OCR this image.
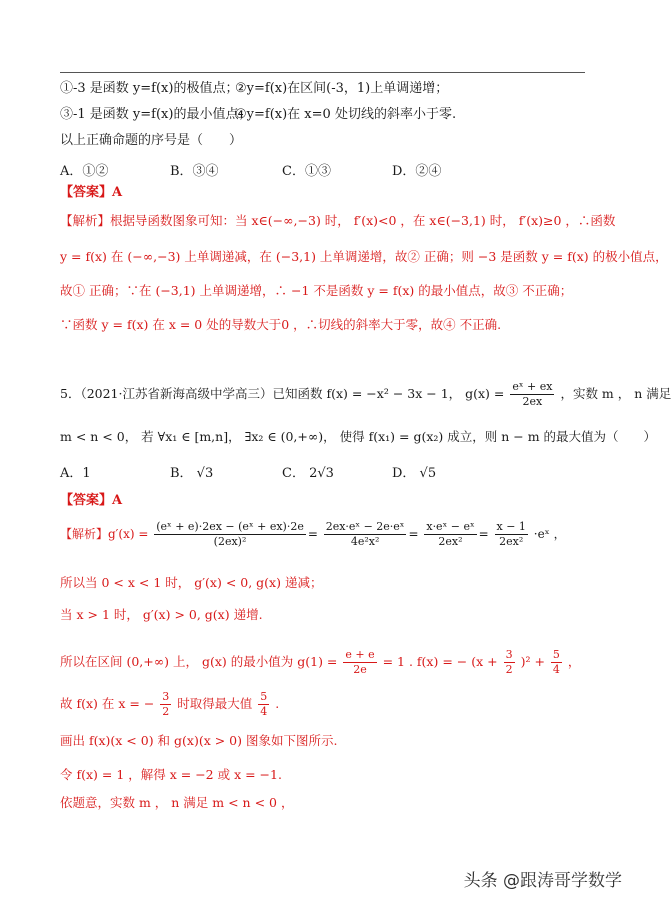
①-3 是函数 y=f(x)的极值点；
②y=f(x)在区间(-3，1)上单调递增；
③-1 是函数 y=f(x)的最小值点；
④y=f(x)在 x=0 处切线的斜率小于零.
以上正确命题的序号是（　　）
A．①②	B．③④	C．①③	D．②④
【答案】A
【解析】根据导函数图象可知：当 x∈(−∞,−3) 时， f′(x)<0 ，在 x∈(−3,1) 时， f′(x)≥0 ，∴函数
y = f(x) 在 (−∞,−3) 上单调递减，在 (−3,1) 上单调递增，故② 正确；则 −3 是函数 y = f(x) 的极小值点，
故① 正确；∵在 (−3,1) 上单调递增，∴ −1 不是函数 y = f(x) 的最小值点，故③ 不正确；
∵函数 y = f(x) 在 x = 0 处的导数大于0 ，∴切线的斜率大于零，故④ 不正确.
5．（2021·江苏省新海高级中学高三）已知函数 f(x) = −x² − 3x − 1， $g(x) = \frac{\text{eˣ + ex}}{2ex}$ ，实数 m ， n 满足
m < n < 0， 若 ∀x₁ ∈ [m,n]， ∃x₂ ∈ (0,+∞)， 使得 f(x₁) = g(x₂) 成立，则 n − m 的最大值为（　　）
A．1	B． √3	C． 2√3	D． √5
【答案】A
【解析】$g'(x) = \frac{\text{(eˣ + e)·2ex − (eˣ + ex)·2e}}{\text{(2ex)²}} = \frac{\text{2ex·eˣ − 2e·eˣ}}{\text{4e²x²}} = \frac{\text{x·eˣ − eˣ}}{\text{2ex²}} = \frac{x - 1}{\text{2ex²}}$ ·eˣ ，
所以当 0 < x < 1 时， g′(x) < 0, g(x) 递减；
当 x > 1 时， g′(x) > 0, g(x) 递增.
所以在区间 (0,+∞) 上， g(x) 的最小值为 $g(1) = \frac{e + e}{2e} = 1$ . f(x) = − $(x + \frac{3}{2} )^2 + \frac{5}{4}$ ，
故 f(x) 在 x = − $\frac{3}{2}$ 时取得最大值 $\frac{5}{4}$ .
画出 f(x)(x < 0) 和 g(x)(x > 0) 图象如下图所示.
令 f(x) = 1 ，解得 x = −2 或 x = −1.
依题意，实数 m ， n 满足 m < n < 0 ，
头条 @跟涛哥学数学
